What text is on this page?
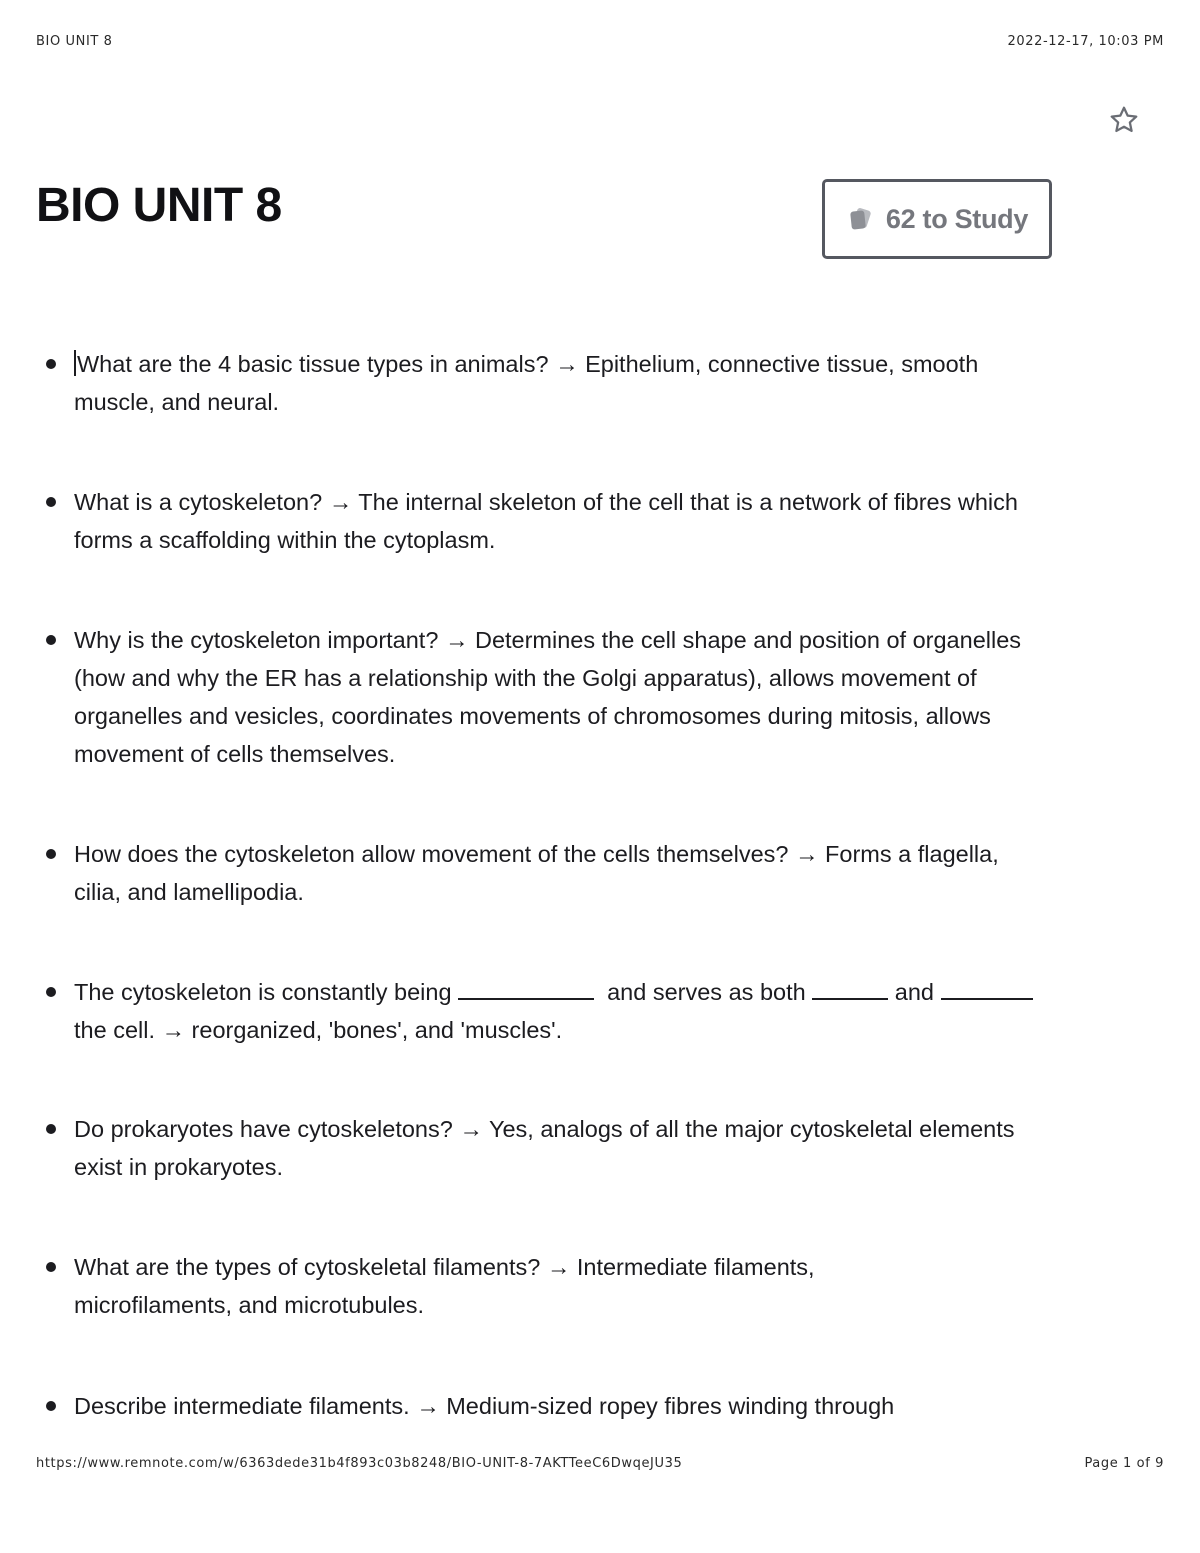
BIO UNIT 8	2022-12-17, 10:03 PM
BIO UNIT 8	62 to Study
What are the 4 basic tissue types in animals? → Epithelium, connective tissue, smooth muscle, and neural.
What is a cytoskeleton? → The internal skeleton of the cell that is a network of fibres which forms a scaffolding within the cytoplasm.
Why is the cytoskeleton important? → Determines the cell shape and position of organelles (how and why the ER has a relationship with the Golgi apparatus), allows movement of organelles and vesicles, coordinates movements of chromosomes during mitosis, allows movement of cells themselves.
How does the cytoskeleton allow movement of the cells themselves? → Forms a flagella, cilia, and lamellipodia.
The cytoskeleton is constantly being	and serves as both	and
the cell. → reorganized, 'bones', and 'muscles'.
Do prokaryotes have cytoskeletons? → Yes, analogs of all the major cytoskeletal elements exist in prokaryotes.
What are the types of cytoskeletal filaments? → Intermediate filaments, microfilaments, and microtubules.
Describe intermediate filaments. → Medium-sized ropey fibres winding through
https://www.remnote.com/w/6363dede31b4f893c03b8248/BIO-UNIT-8-7AKTTeeC6DwqeJU35	Page 1 of 9
